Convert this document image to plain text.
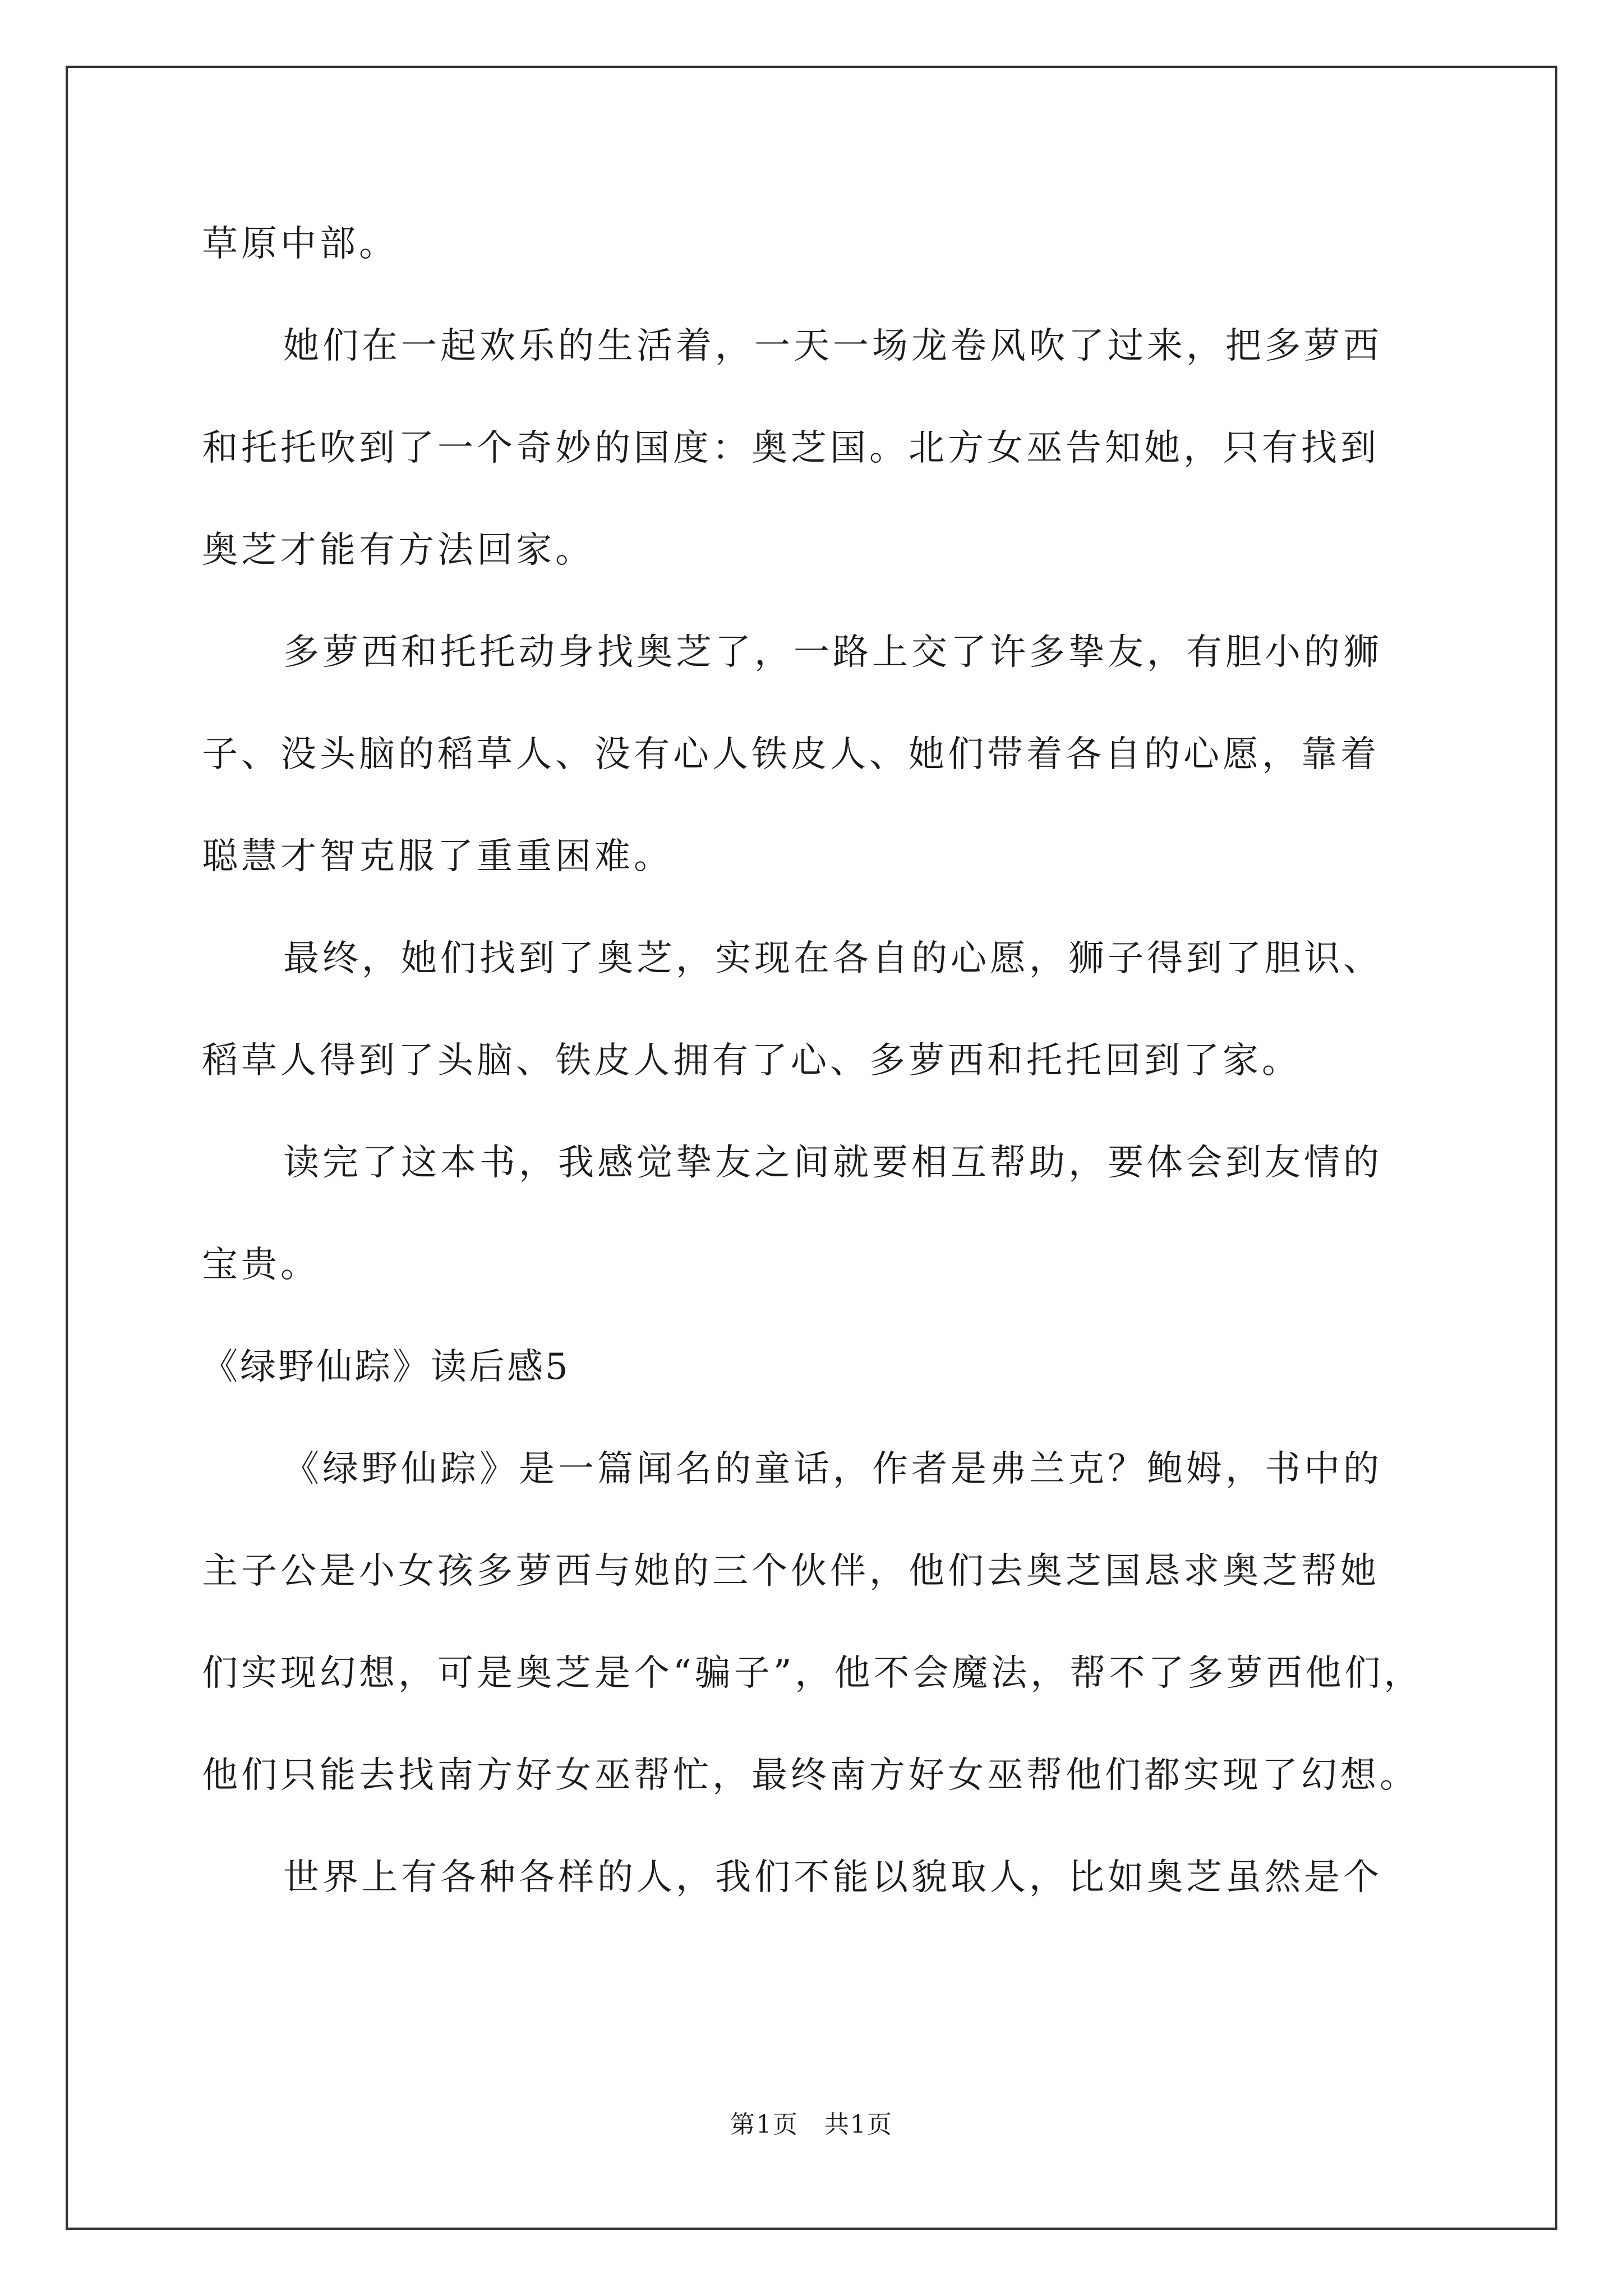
草原中部。
她们在一起欢乐的生活着，一天一场龙卷风吹了过来，把多萝西
和托托吹到了一个奇妙的国度：奥芝国。北方女巫告知她，只有找到
奥芝才能有方法回家。
多萝西和托托动身找奥芝了，一路上交了许多挚友，有胆小的狮
子、没头脑的稻草人、没有心人铁皮人、她们带着各自的心愿，靠着
聪慧才智克服了重重困难。
最终，她们找到了奥芝，实现在各自的心愿，狮子得到了胆识、
稻草人得到了头脑、铁皮人拥有了心、多萝西和托托回到了家。
读完了这本书，我感觉挚友之间就要相互帮助，要体会到友情的
宝贵。
《绿野仙踪》读后感5
《绿野仙踪》是一篇闻名的童话，作者是弗兰克？鲍姆，书中的
主子公是小女孩多萝西与她的三个伙伴，他们去奥芝国恳求奥芝帮她
们实现幻想，可是奥芝是个“骗子”，他不会魔法，帮不了多萝西他们，
他们只能去找南方好女巫帮忙，最终南方好女巫帮他们都实现了幻想。
世界上有各种各样的人，我们不能以貌取人，比如奥芝虽然是个
第1页　共1页
